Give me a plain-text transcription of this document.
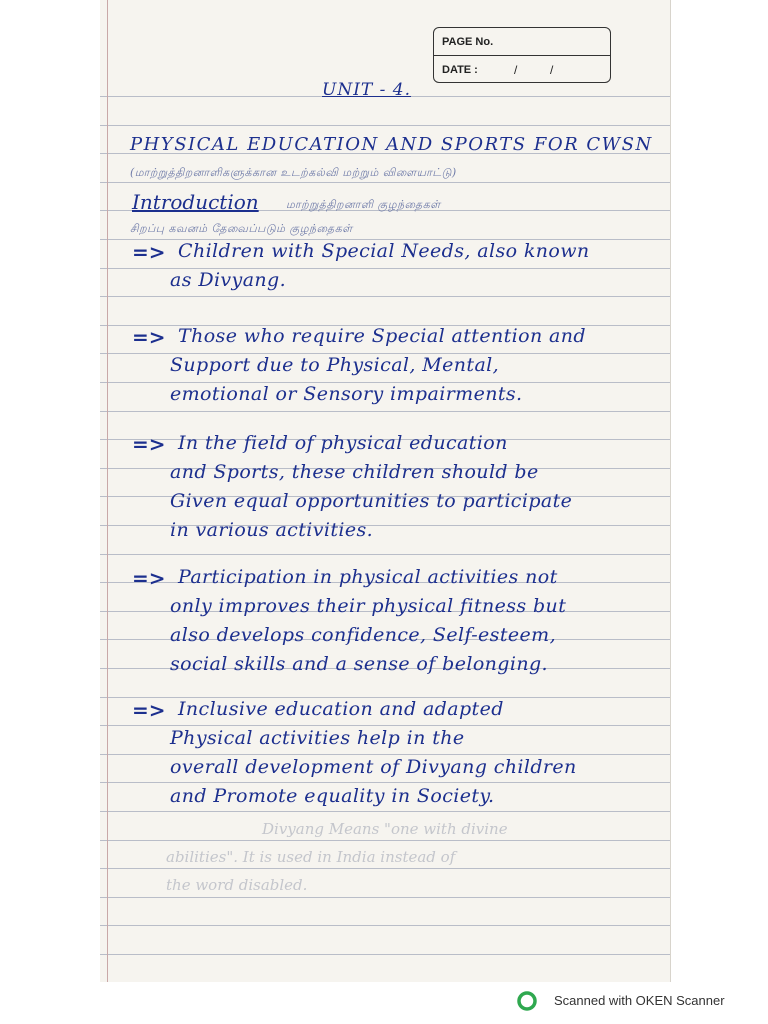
PAGE No.
DATE :	/	/
UNIT - 4.
PHYSICAL EDUCATION AND SPORTS FOR CWSN
(மாற்றுத்திறனாளிகளுக்கான உடற்கல்வி மற்றும் விளையாட்டு)
Introduction மாற்றுத்திறனாளி குழந்தைகள்
சிறப்பு கவனம் தேவைப்படும் குழந்தைகள்
=> Children with Special Needs, also known
as Divyang.
=> Those who require Special attention and
Support due to Physical, Mental,
emotional or Sensory impairments.
=> In the field of physical education
and Sports, these children should be
Given equal opportunities to participate
in various activities.
=> Participation in physical activities not
only improves their physical fitness but
also develops confidence, Self-esteem,
social skills and a sense of belonging.
=> Inclusive education and adapted
Physical activities help in the
overall development of Divyang children
and Promote equality in Society.
Divyang Means "one with divine
abilities". It is used in India instead of
the word disabled.
Scanned with OKEN Scanner
